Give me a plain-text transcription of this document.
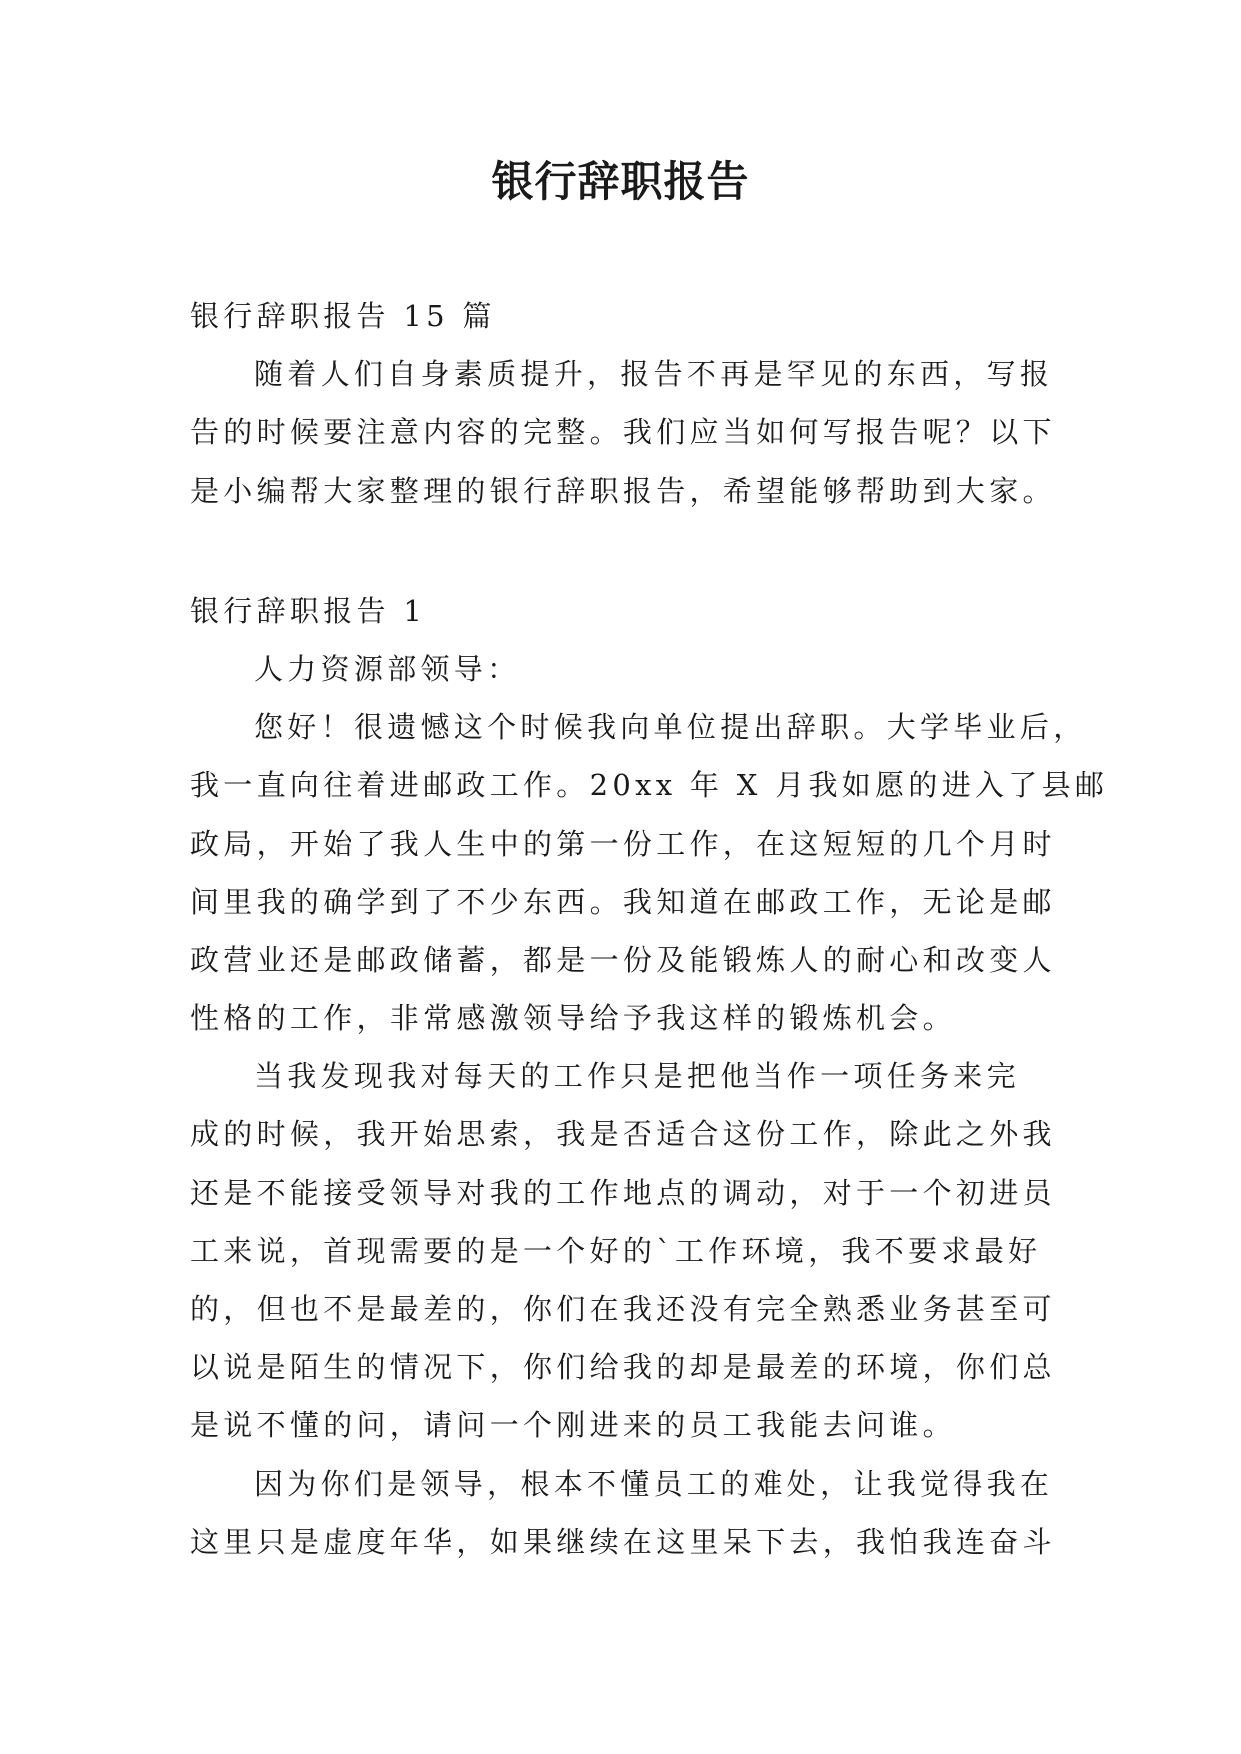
银行辞职报告
银行辞职报告 15 篇
随着人们自身素质提升，报告不再是罕见的东西，写报
告的时候要注意内容的完整。我们应当如何写报告呢？以下
是小编帮大家整理的银行辞职报告，希望能够帮助到大家。
银行辞职报告 1
人力资源部领导：
您好！很遗憾这个时候我向单位提出辞职。大学毕业后，
我一直向往着进邮政工作。20xx 年 X 月我如愿的进入了县邮
政局，开始了我人生中的第一份工作，在这短短的几个月时
间里我的确学到了不少东西。我知道在邮政工作，无论是邮
政营业还是邮政储蓄，都是一份及能锻炼人的耐心和改变人
性格的工作，非常感激领导给予我这样的锻炼机会。
当我发现我对每天的工作只是把他当作一项任务来完
成的时候，我开始思索，我是否适合这份工作，除此之外我
还是不能接受领导对我的工作地点的调动，对于一个初进员
工来说，首现需要的是一个好的`工作环境，我不要求最好
的，但也不是最差的，你们在我还没有完全熟悉业务甚至可
以说是陌生的情况下，你们给我的却是最差的环境，你们总
是说不懂的问，请问一个刚进来的员工我能去问谁。
因为你们是领导，根本不懂员工的难处，让我觉得我在
这里只是虚度年华，如果继续在这里呆下去，我怕我连奋斗
